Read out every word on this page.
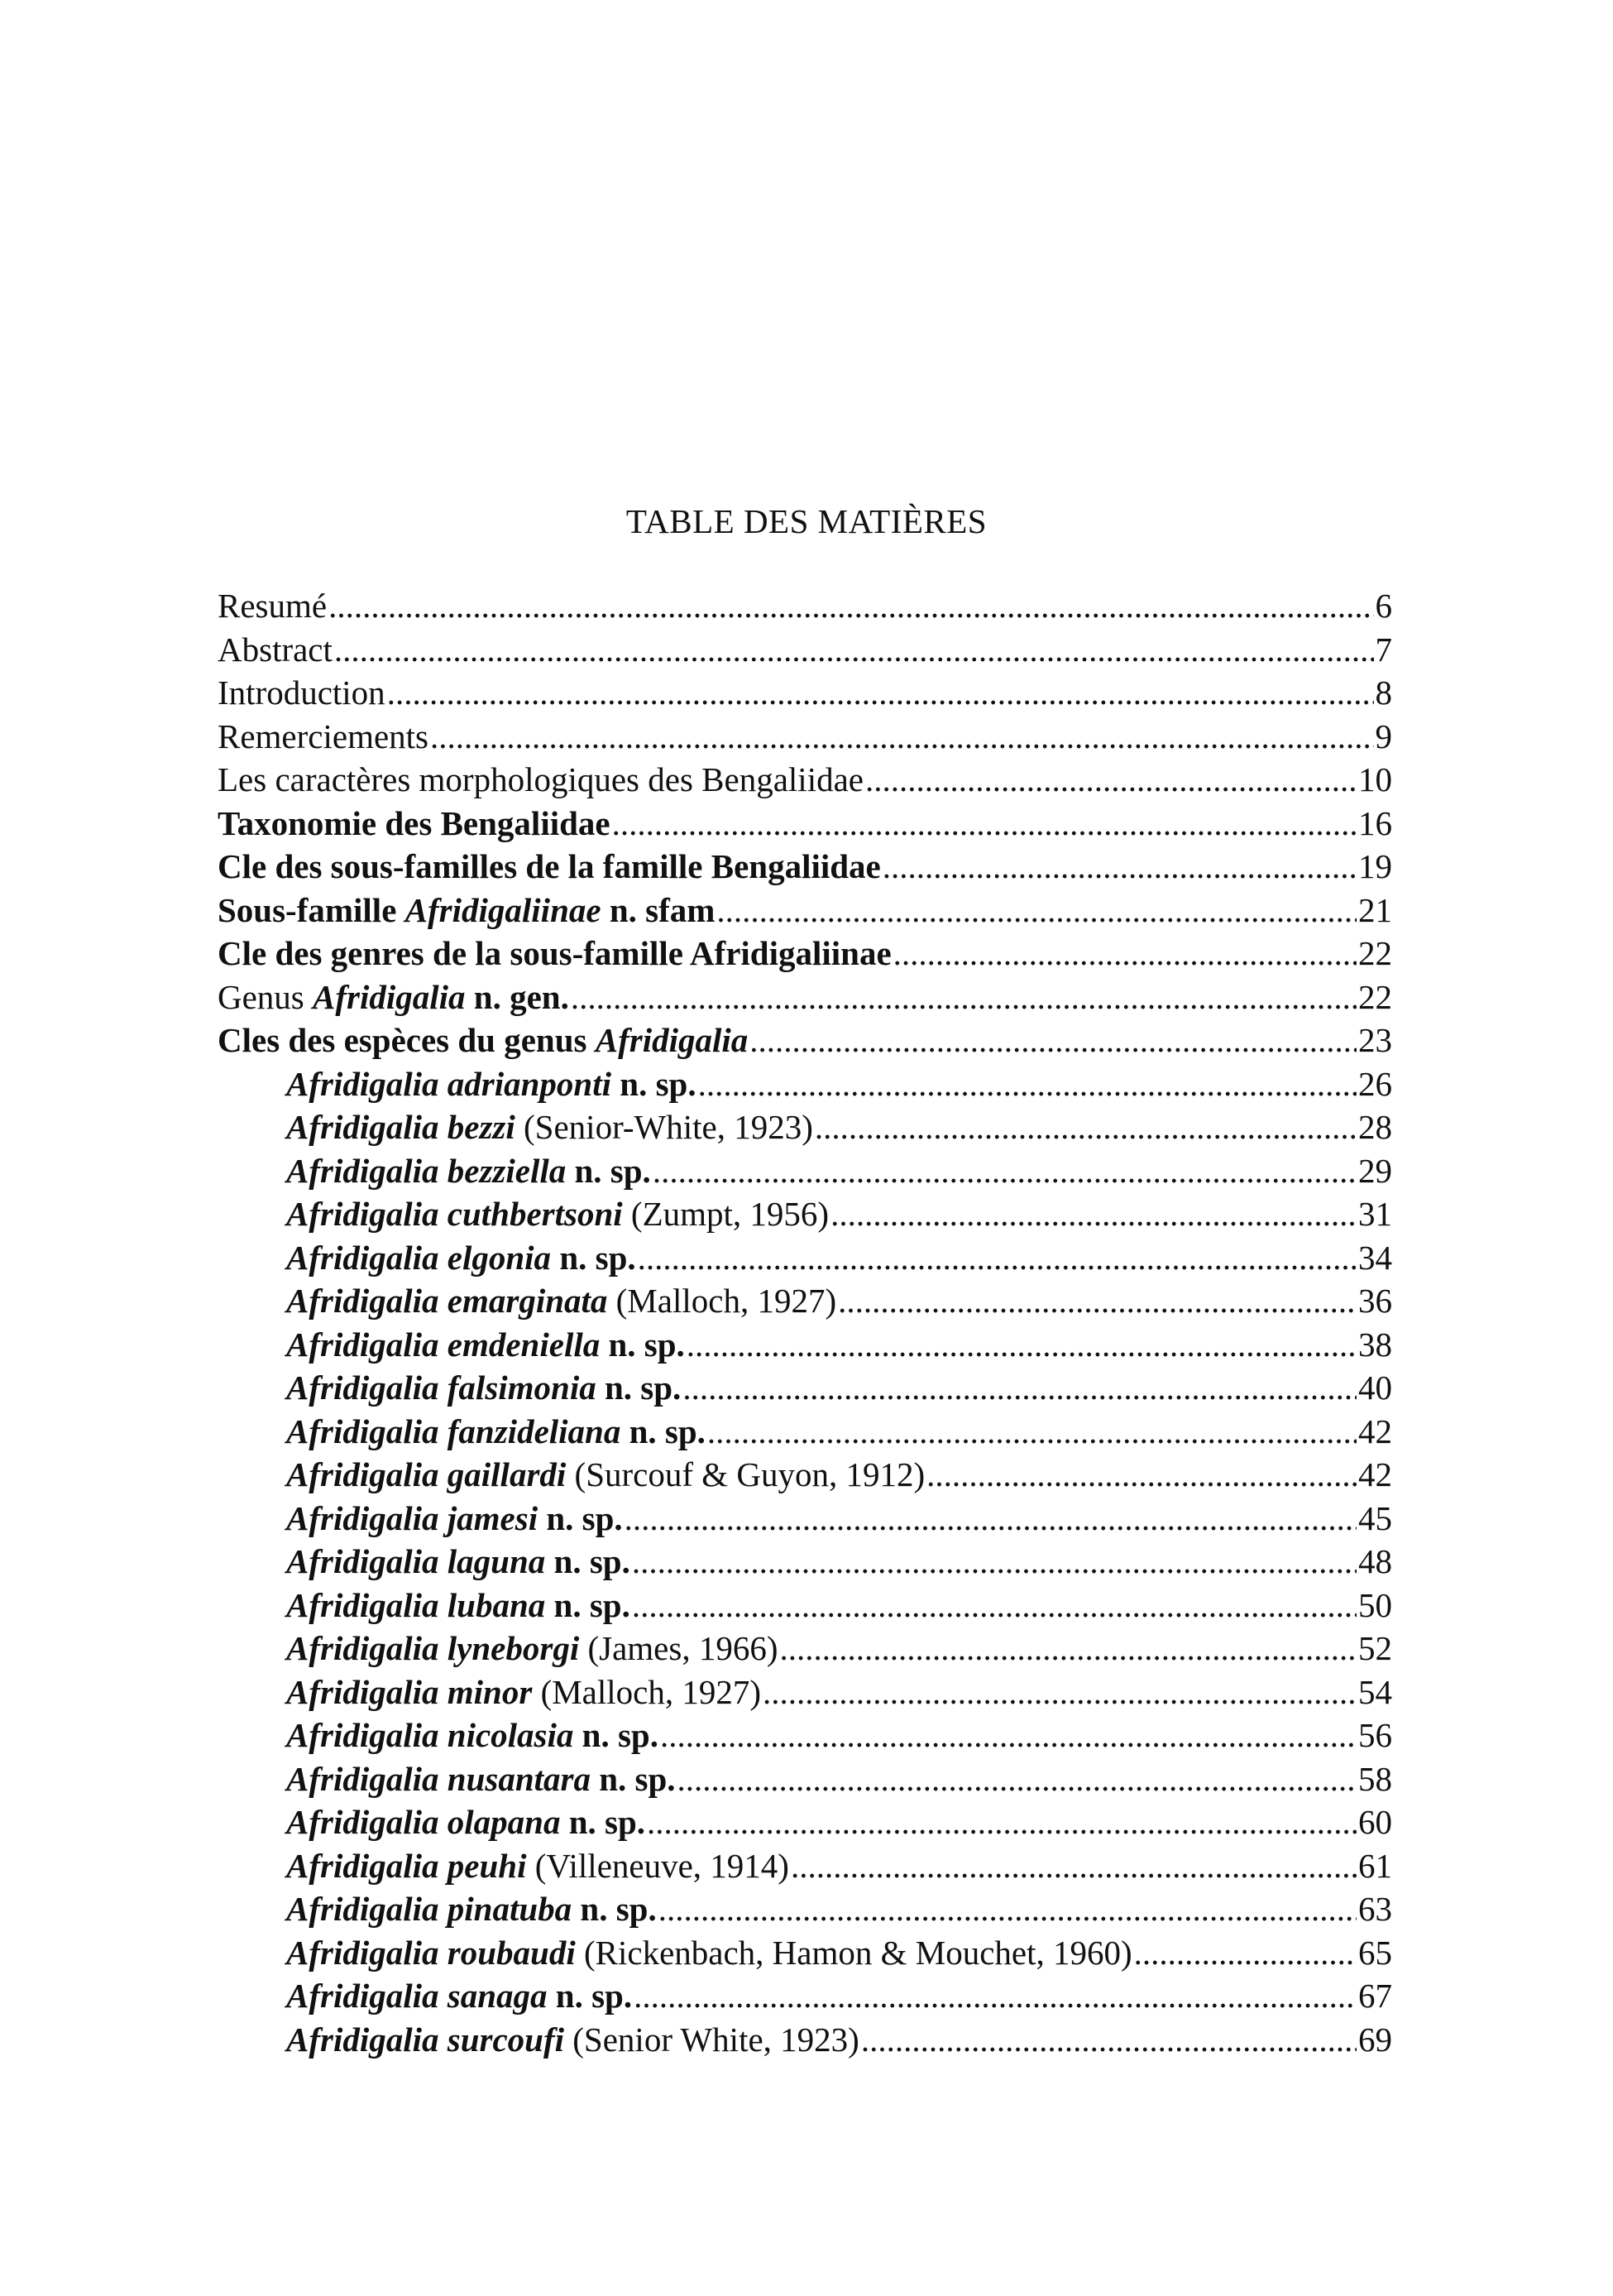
TABLE DES MATIÈRES
Resumé .....	6
Abstract .....	7
Introduction .....	8
Remerciements .....	9
Les caractères morphologiques des Bengaliidae .....	10
Taxonomie des Bengaliidae .....	16
Cle des sous-familles de la famille Bengaliidae .....	19
Sous-famille Afridigaliinae n. sfam .....	21
Cle des genres de la sous-famille Afridigaliinae .....	22
Genus Afridigalia n. gen. .....	22
Cles des espèces du genus Afridigalia .....	23
Afridigalia adrianponti n. sp. .....	26
Afridigalia bezzi (Senior-White, 1923) .....	28
Afridigalia bezziella n. sp. .....	29
Afridigalia cuthbertsoni (Zumpt, 1956) .....	31
Afridigalia elgonia n. sp. .....	34
Afridigalia emarginata (Malloch, 1927) .....	36
Afridigalia emdeniella n. sp. .....	38
Afridigalia falsimonia n. sp. .....	40
Afridigalia fanzideliana n. sp. .....	42
Afridigalia gaillardi (Surcouf & Guyon, 1912) .....	42
Afridigalia jamesi n. sp. .....	45
Afridigalia laguna n. sp. .....	48
Afridigalia lubana n. sp. .....	50
Afridigalia lyneborgi (James, 1966) .....	52
Afridigalia minor (Malloch, 1927) .....	54
Afridigalia nicolasia n. sp. .....	56
Afridigalia nusantara n. sp. .....	58
Afridigalia olapana n. sp. .....	60
Afridigalia peuhi (Villeneuve, 1914) .....	61
Afridigalia pinatuba n. sp. .....	63
Afridigalia roubaudi (Rickenbach, Hamon & Mouchet, 1960) .....	65
Afridigalia sanaga n. sp. .....	67
Afridigalia surcoufi (Senior White, 1923) .....	69
